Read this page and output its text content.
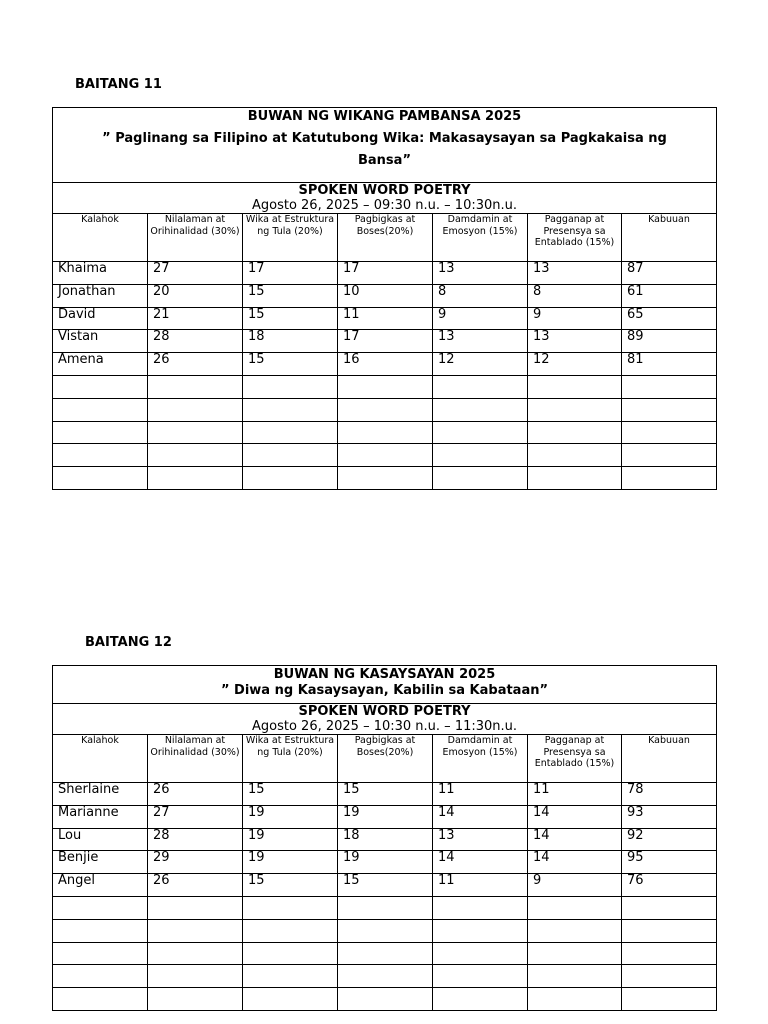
BAITANG 11
BUWAN NG WIKANG PAMBANSA 2025
” Paglinang sa Filipino at Katutubong Wika: Makasaysayan sa Pagkakaisa ng
Bansa”						

SPOKEN WORD POETRY
Agosto 26, 2025 – 09:30 n.u. – 10:30n.u.						

Kalahok	Nilalaman at Orihinalidad (30%)	Wika at Estruktura ng Tula (20%)	Pagbigkas at Boses(20%)	Damdamin at Emosyon (15%)	Pagganap at Presensya sa Entablado (15%)	Kabuuan
Khaima	27	17	17	13	13	87
Jonathan	20	15	10	8	8	61
David	21	15	11	9	9	65
Vistan	28	18	17	13	13	89
Amena	26	15	16	12	12	81

BAITANG 12
BUWAN NG KASAYSAYAN 2025
” Diwa ng Kasaysayan, Kabilin sa Kabataan”						

SPOKEN WORD POETRY
Agosto 26, 2025 – 10:30 n.u. – 11:30n.u.						

Kalahok	Nilalaman at Orihinalidad (30%)	Wika at Estruktura ng Tula (20%)	Pagbigkas at Boses(20%)	Damdamin at Emosyon (15%)	Pagganap at Presensya sa Entablado (15%)	Kabuuan
Sherlaine	26	15	15	11	11	78
Marianne	27	19	19	14	14	93
Lou	28	19	18	13	14	92
Benjie	29	19	19	14	14	95
Angel	26	15	15	11	9	76
